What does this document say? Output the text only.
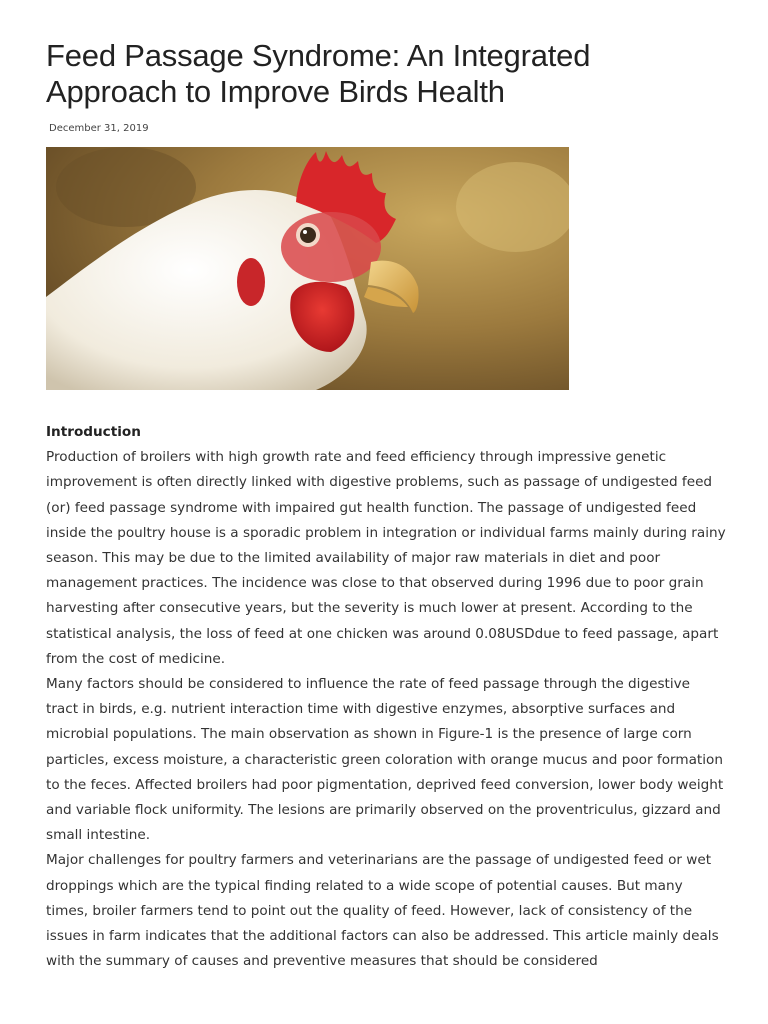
Feed Passage Syndrome: An Integrated Approach to Improve Birds Health
December 31, 2019

Introduction

Production of broilers with high growth rate and feed efficiency through impressive genetic improvement is often directly linked with digestive problems, such as passage of undigested feed (or) feed passage syndrome with impaired gut health function. The passage of undigested feed inside the poultry house is a sporadic problem in integration or individual farms mainly during rainy season. This may be due to the limited availability of major raw materials in diet and poor management practices. The incidence was close to that observed during 1996 due to poor grain harvesting after consecutive years, but the severity is much lower at present. According to the statistical analysis, the loss of feed at one chicken was around 0.08USDdue to feed passage, apart from the cost of medicine.

Many factors should be considered to influence the rate of feed passage through the digestive tract in birds, e.g. nutrient interaction time with digestive enzymes, absorptive surfaces and microbial populations. The main observation as shown in Figure-1 is the presence of large corn particles, excess moisture, a characteristic green coloration with orange mucus and poor formation to the feces. Affected broilers had poor pigmentation, deprived feed conversion, lower body weight and variable flock uniformity. The lesions are primarily observed on the proventriculus, gizzard and small intestine.

Major challenges for poultry farmers and veterinarians are the passage of undigested feed or wet droppings which are the typical finding related to a wide scope of potential causes. But many times, broiler farmers tend to point out the quality of feed. However, lack of consistency of the issues in farm indicates that the additional factors can also be addressed. This article mainly deals with the summary of causes and preventive measures that should be considered
